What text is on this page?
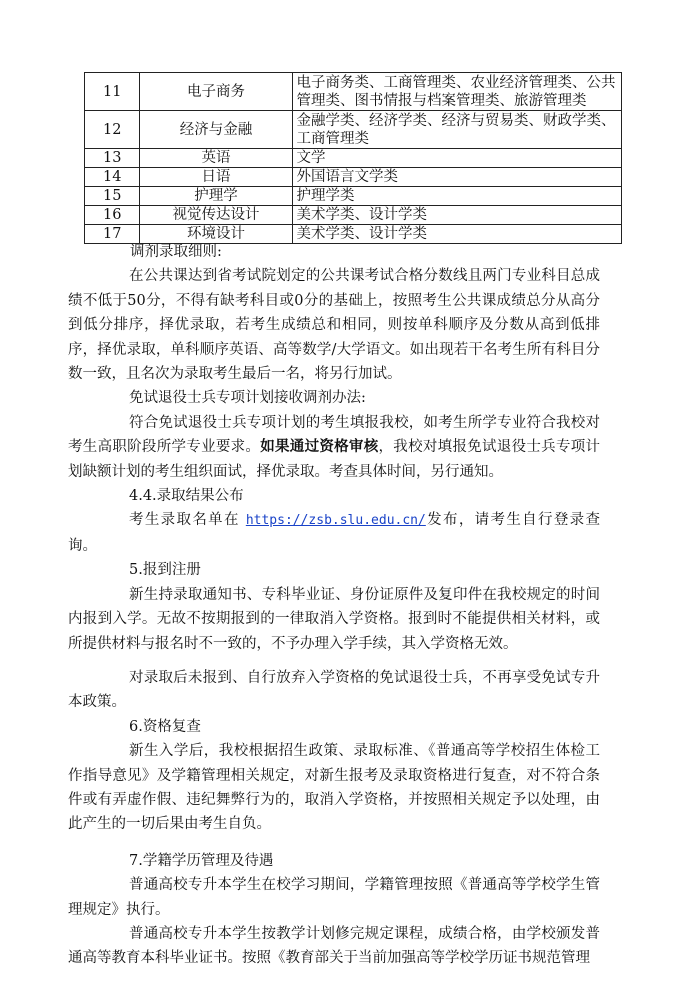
11	电子商务	电子商务类、工商管理类、农业经济管理类、公共管理类、图书情报与档案管理类、旅游管理类
12	经济与金融	金融学类、经济学类、经济与贸易类、财政学类、工商管理类
13	英语	文学
14	日语	外国语言文学类
15	护理学	护理学类
16	视觉传达设计	美术学类、设计学类
17	环境设计	美术学类、设计学类

调剂录取细则:

在公共课达到省考试院划定的公共课考试合格分数线且两门专业科目总成绩不低于50分，不得有缺考科目或0分的基础上，按照考生公共课成绩总分从高分到低分排序，择优录取，若考生成绩总和相同，则按单科顺序及分数从高到低排序，择优录取，单科顺序英语、高等数学/大学语文。如出现若干名考生所有科目分数一致，且名次为录取考生最后一名，将另行加试。

免试退役士兵专项计划接收调剂办法:

符合免试退役士兵专项计划的考生填报我校，如考生所学专业符合我校对考生高职阶段所学专业要求。如果通过资格审核，我校对填报免试退役士兵专项计划缺额计划的考生组织面试，择优录取。考查具体时间，另行通知。

4.4.录取结果公布

考生录取名单在 https://zsb.slu.edu.cn/发布，请考生自行登录查询。

5.报到注册

新生持录取通知书、专科毕业证、身份证原件及复印件在我校规定的时间内报到入学。无故不按期报到的一律取消入学资格。报到时不能提供相关材料，或所提供材料与报名时不一致的，不予办理入学手续，其入学资格无效。

对录取后未报到、自行放弃入学资格的免试退役士兵，不再享受免试专升本政策。

6.资格复查

新生入学后，我校根据招生政策、录取标准、《普通高等学校招生体检工作指导意见》及学籍管理相关规定，对新生报考及录取资格进行复查，对不符合条件或有弄虚作假、违纪舞弊行为的，取消入学资格，并按照相关规定予以处理，由此产生的一切后果由考生自负。

7.学籍学历管理及待遇

普通高校专升本学生在校学习期间，学籍管理按照《普通高等学校学生管理规定》执行。

普通高校专升本学生按教学计划修完规定课程，成绩合格，由学校颁发普通高等教育本科毕业证书。按照《教育部关于当前加强高等学校学历证书规范管理
